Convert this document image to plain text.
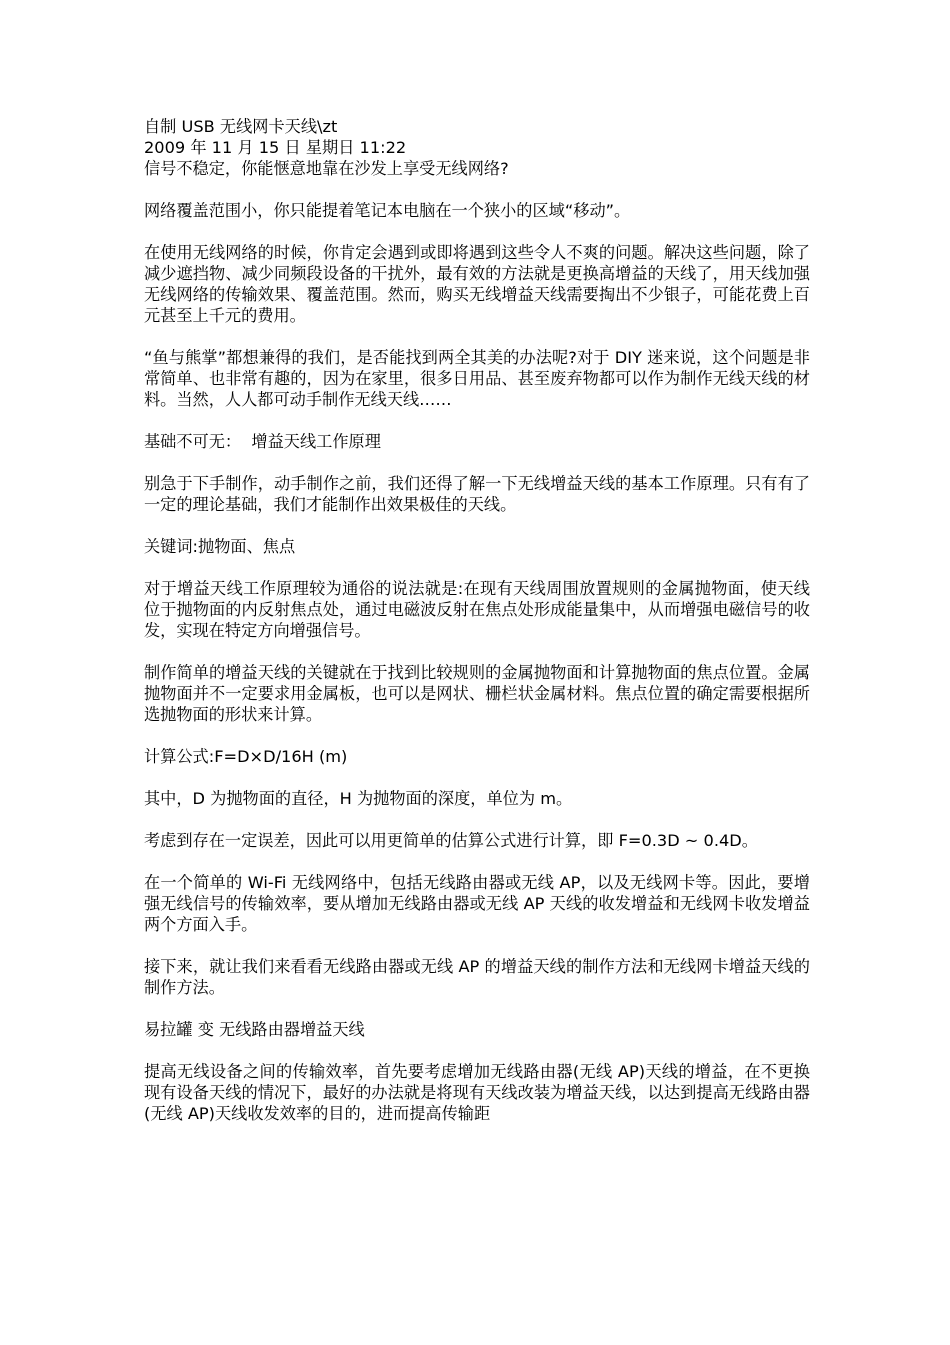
自制 USB 无线网卡天线\zt

2009 年 11 月 15 日 星期日 11:22

信号不稳定，你能惬意地靠在沙发上享受无线网络?

网络覆盖范围小，你只能提着笔记本电脑在一个狭小的区域“移动”。

在使用无线网络的时候，你肯定会遇到或即将遇到这些令人不爽的问题。解决这些问题，除了减少遮挡物、减少同频段设备的干扰外，最有效的方法就是更换高增益的天线了，用天线加强无线网络的传输效果、覆盖范围。然而，购买无线增益天线需要掏出不少银子，可能花费上百元甚至上千元的费用。

“鱼与熊掌”都想兼得的我们，是否能找到两全其美的办法呢?对于 DIY 迷来说，这个问题是非常简单、也非常有趣的，因为在家里，很多日用品、甚至废弃物都可以作为制作无线天线的材料。当然，人人都可动手制作无线天线……

基础不可无：  增益天线工作原理

别急于下手制作，动手制作之前，我们还得了解一下无线增益天线的基本工作原理。只有有了一定的理论基础，我们才能制作出效果极佳的天线。

关键词:抛物面、焦点

对于增益天线工作原理较为通俗的说法就是:在现有天线周围放置规则的金属抛物面，使天线位于抛物面的内反射焦点处，通过电磁波反射在焦点处形成能量集中，从而增强电磁信号的收发，实现在特定方向增强信号。

制作简单的增益天线的关键就在于找到比较规则的金属抛物面和计算抛物面的焦点位置。金属抛物面并不一定要求用金属板，也可以是网状、栅栏状金属材料。焦点位置的确定需要根据所选抛物面的形状来计算。

计算公式:F=D×D/16H (m)

其中，D 为抛物面的直径，H 为抛物面的深度，单位为 m。

考虑到存在一定误差，因此可以用更简单的估算公式进行计算，即 F=0.3D ~ 0.4D。

在一个简单的 Wi-Fi 无线网络中，包括无线路由器或无线 AP，以及无线网卡等。因此，要增强无线信号的传输效率，要从增加无线路由器或无线 AP 天线的收发增益和无线网卡收发增益两个方面入手。

接下来，就让我们来看看无线路由器或无线 AP 的增益天线的制作方法和无线网卡增益天线的制作方法。

易拉罐 变 无线路由器增益天线

提高无线设备之间的传输效率，首先要考虑增加无线路由器(无线 AP)天线的增益，在不更换现有设备天线的情况下，最好的办法就是将现有天线改装为增益天线，以达到提高无线路由器(无线 AP)天线收发效率的目的，进而提高传输距
